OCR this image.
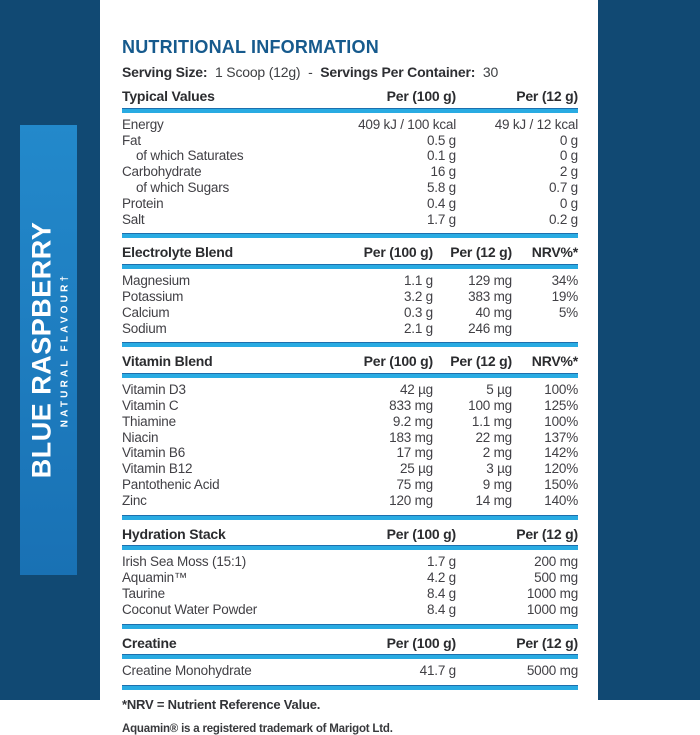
BLUE RASPBERRY NATURAL FLAVOUR†
NUTRITIONAL INFORMATION
Serving Size: 1 Scoop (12g) - Servings Per Container: 30
Typical Values	Per (100 g)	Per (12 g)
Energy	409 kJ / 100 kcal	49 kJ / 12 kcal
Fat	0.5 g	0 g
of which Saturates	0.1 g	0 g
Carbohydrate	16 g	2 g
of which Sugars	5.8 g	0.7 g
Protein	0.4 g	0 g
Salt	1.7 g	0.2 g
Electrolyte Blend	Per (100 g)	Per (12 g)	NRV%*
Magnesium	1.1 g	129 mg	34%
Potassium	3.2 g	383 mg	19%
Calcium	0.3 g	40 mg	5%
Sodium	2.1 g	246 mg
Vitamin Blend	Per (100 g)	Per (12 g)	NRV%*
Vitamin D3	42 µg	5 µg	100%
Vitamin C	833 mg	100 mg	125%
Thiamine	9.2 mg	1.1 mg	100%
Niacin	183 mg	22 mg	137%
Vitamin B6	17 mg	2 mg	142%
Vitamin B12	25 µg	3 µg	120%
Pantothenic Acid	75 mg	9 mg	150%
Zinc	120 mg	14 mg	140%
Hydration Stack	Per (100 g)	Per (12 g)
Irish Sea Moss (15:1)	1.7 g	200 mg
Aquamin™	4.2 g	500 mg
Taurine	8.4 g	1000 mg
Coconut Water Powder	8.4 g	1000 mg
Creatine	Per (100 g)	Per (12 g)
Creatine Monohydrate	41.7 g	5000 mg
*NRV = Nutrient Reference Value.
Aquamin® is a registered trademark of Marigot Ltd.
